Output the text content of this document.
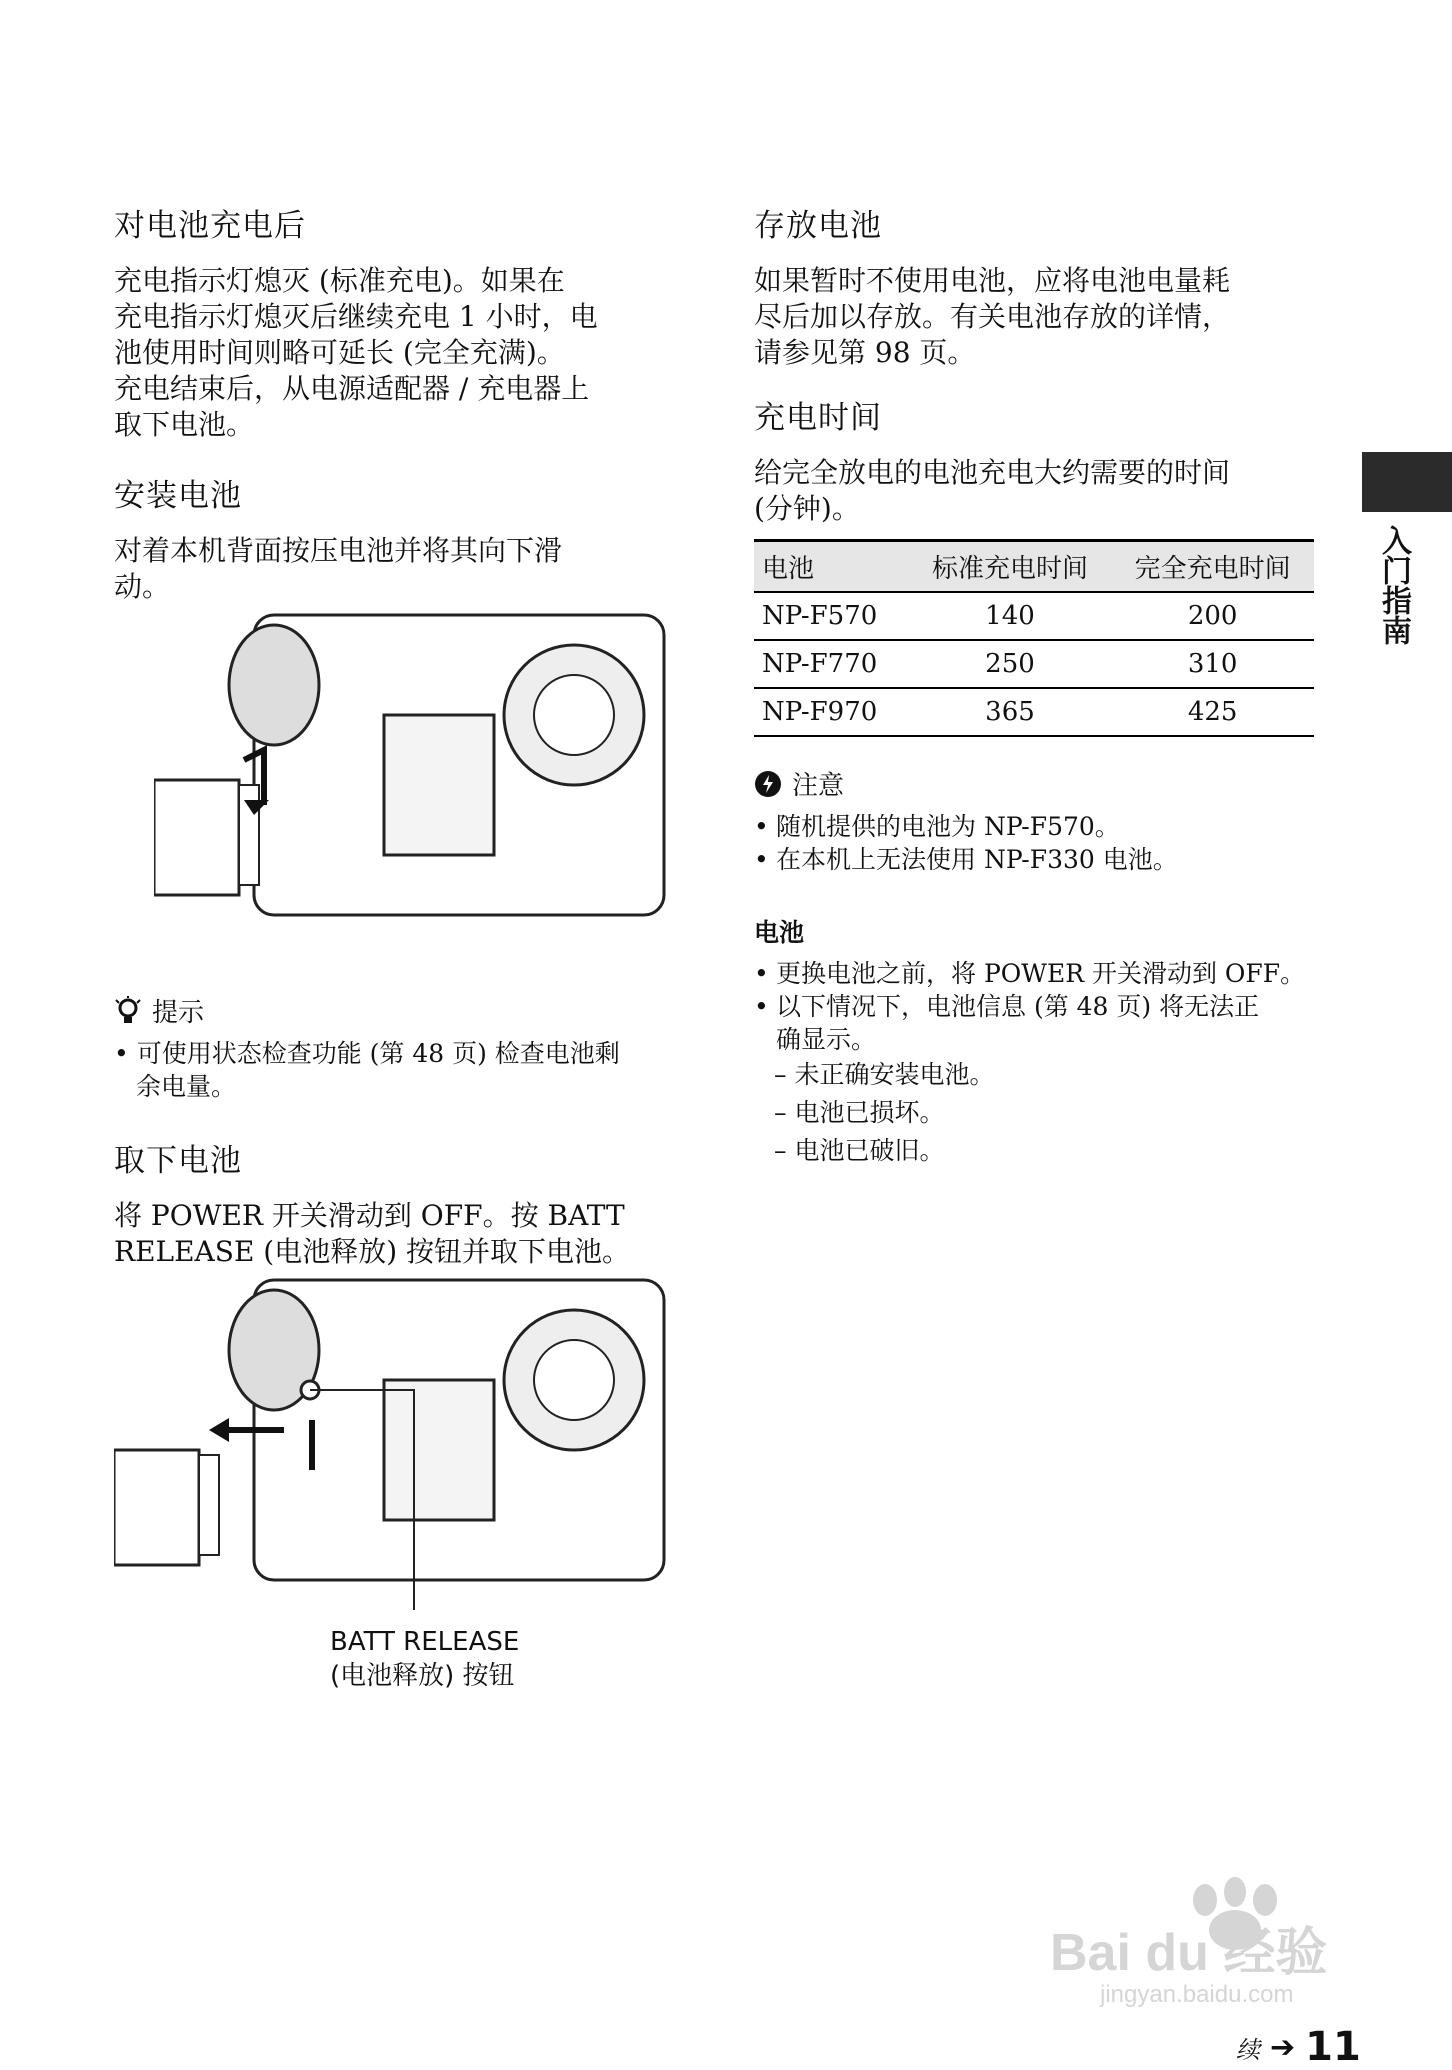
对电池充电后

充电指示灯熄灭 (标准充电)。如果在
充电指示灯熄灭后继续充电 1 小时，电
池使用时间则略可延长 (完全充满)。
充电结束后，从电源适配器 / 充电器上
取下电池。

安装电池

对着本机背面按压电池并将其向下滑
动。

提示
• 可使用状态检查功能 (第 48 页) 检查电池剩
余电量。
取下电池

将 POWER 开关滑动到 OFF。按 BATT
RELEASE (电池释放) 按钮并取下电池。

BATT RELEASE
(电池释放) 按钮
存放电池

如果暂时不使用电池，应将电池电量耗
尽后加以存放。有关电池存放的详情，
请参见第 98 页。

充电时间

给完全放电的电池充电大约需要的时间
(分钟)。

电池	标准充电时间	完全充电时间
NP-F570	140	200
NP-F770	250	310
NP-F970	365	425
注意
• 随机提供的电池为 NP-F570。
• 在本机上无法使用 NP-F330 电池。
电池
• 更换电池之前，将 POWER 开关滑动到 OFF。
• 以下情况下，电池信息 (第 48 页) 将无法正
确显示。
– 未正确安装电池。
– 电池已损坏。
– 电池已破旧。
入门指南
Bai du 经验
jingyan.baidu.com
续 ➔ 11
